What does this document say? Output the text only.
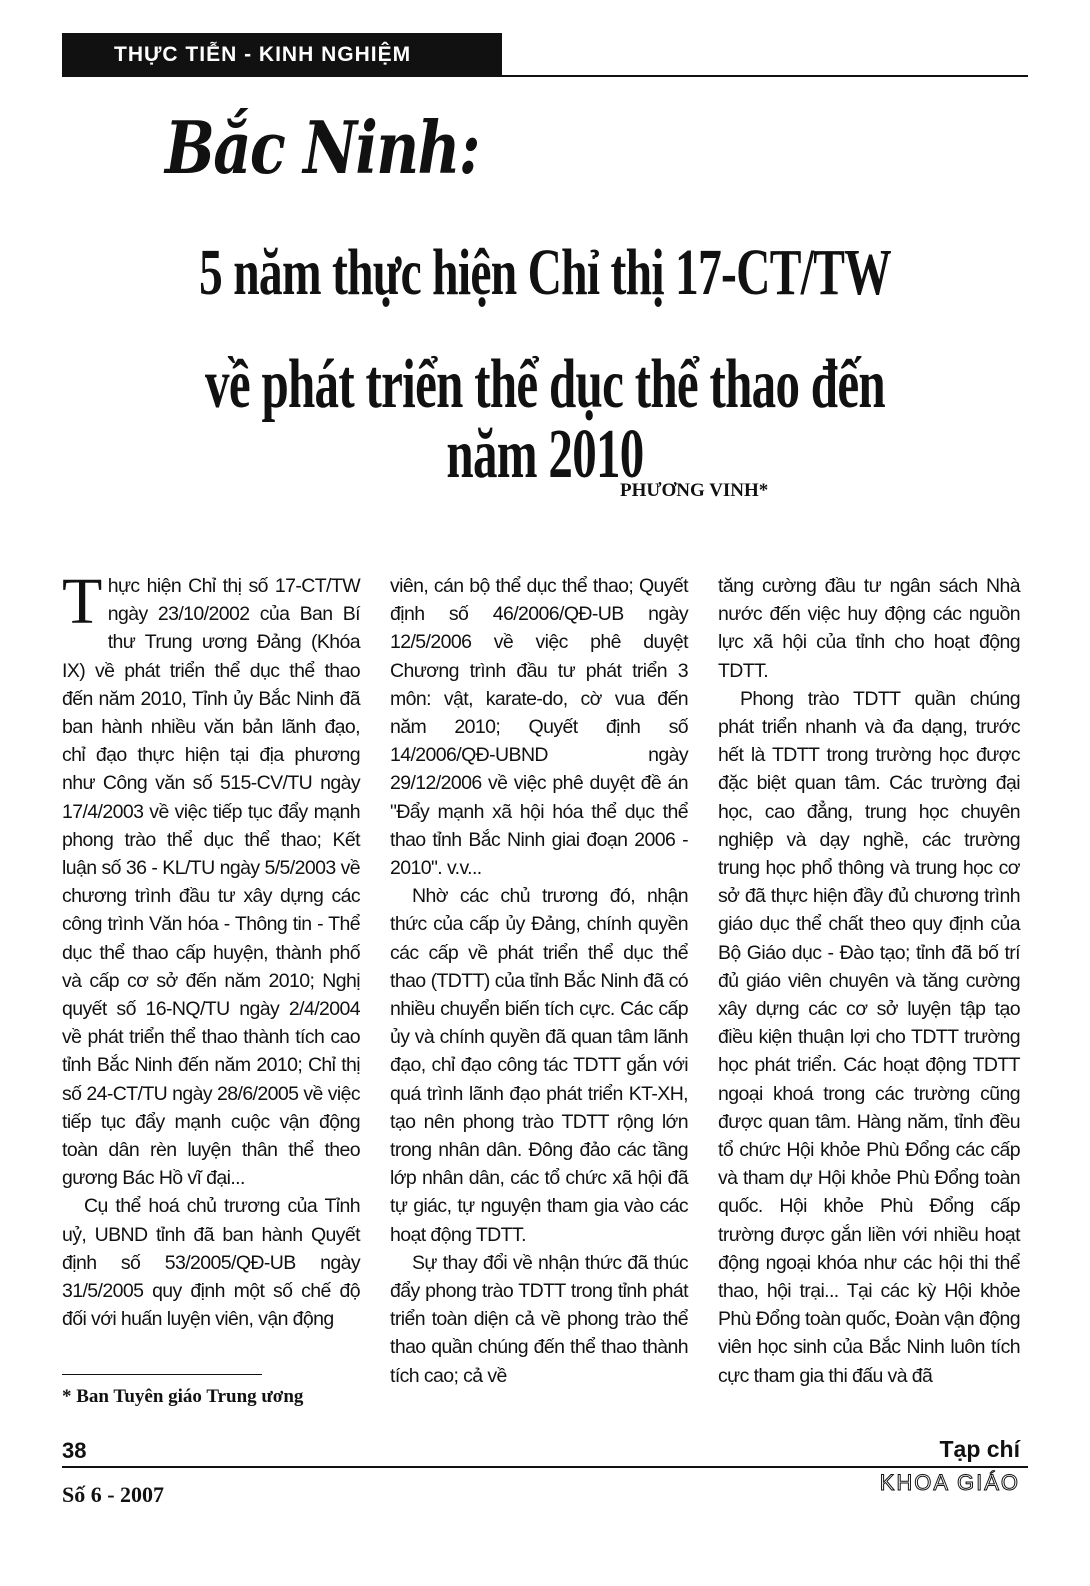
THỰC TIỄN - KINH NGHIỆM
Bắc Ninh:
5 năm thực hiện Chỉ thị 17-CT/TW
về phát triển thể dục thể thao đến năm 2010
PHƯƠNG VINH*

Thực hiện Chỉ thị số 17-CT/TW ngày 23/10/2002 của Ban Bí thư Trung ương Đảng (Khóa IX) về phát triển thể dục thể thao đến năm 2010, Tỉnh ủy Bắc Ninh đã ban hành nhiều văn bản lãnh đạo, chỉ đạo thực hiện tại địa phương như Công văn số 515-CV/TU ngày 17/4/2003 về việc tiếp tục đẩy mạnh phong trào thể dục thể thao; Kết luận số 36 - KL/TU ngày 5/5/2003 về chương trình đầu tư xây dựng các công trình Văn hóa - Thông tin - Thể dục thể thao cấp huyện, thành phố và cấp cơ sở đến năm 2010; Nghị quyết số 16-NQ/TU ngày 2/4/2004 về phát triển thể thao thành tích cao tỉnh Bắc Ninh đến năm 2010; Chỉ thị số 24-CT/TU ngày 28/6/2005 về việc tiếp tục đẩy mạnh cuộc vận động toàn dân rèn luyện thân thể theo gương Bác Hồ vĩ đại...

Cụ thể hoá chủ trương của Tỉnh uỷ, UBND tỉnh đã ban hành Quyết định số 53/2005/QĐ-UB ngày 31/5/2005 quy định một số chế độ đối với huấn luyện viên, vận động

viên, cán bộ thể dục thể thao; Quyết định số 46/2006/QĐ-UB ngày 12/5/2006 về việc phê duyệt Chương trình đầu tư phát triển 3 môn: vật, karate-do, cờ vua đến năm 2010; Quyết định số 14/2006/QĐ-UBND ngày 29/12/2006 về việc phê duyệt đề án "Đẩy mạnh xã hội hóa thể dục thể thao tỉnh Bắc Ninh giai đoạn 2006 - 2010". v.v...

Nhờ các chủ trương đó, nhận thức của cấp ủy Đảng, chính quyền các cấp về phát triển thể dục thể thao (TDTT) của tỉnh Bắc Ninh đã có nhiều chuyển biến tích cực. Các cấp ủy và chính quyền đã quan tâm lãnh đạo, chỉ đạo công tác TDTT gắn với quá trình lãnh đạo phát triển KT-XH, tạo nên phong trào TDTT rộng lớn trong nhân dân. Đông đảo các tầng lớp nhân dân, các tổ chức xã hội đã tự giác, tự nguyện tham gia vào các hoạt động TDTT.

Sự thay đổi về nhận thức đã thúc đẩy phong trào TDTT trong tỉnh phát triển toàn diện cả về phong trào thể thao quần chúng đến thể thao thành tích cao; cả về

tăng cường đầu tư ngân sách Nhà nước đến việc huy động các nguồn lực xã hội của tỉnh cho hoạt động TDTT.

Phong trào TDTT quần chúng phát triển nhanh và đa dạng, trước hết là TDTT trong trường học được đặc biệt quan tâm. Các trường đại học, cao đẳng, trung học chuyên nghiệp và dạy nghề, các trường trung học phổ thông và trung học cơ sở đã thực hiện đầy đủ chương trình giáo dục thể chất theo quy định của Bộ Giáo dục - Đào tạo; tỉnh đã bố trí đủ giáo viên chuyên và tăng cường xây dựng các cơ sở luyện tập tạo điều kiện thuận lợi cho TDTT trường học phát triển. Các hoạt động TDTT ngoại khoá trong các trường cũng được quan tâm. Hàng năm, tỉnh đều tổ chức Hội khỏe Phù Đổng các cấp và tham dự Hội khỏe Phù Đổng toàn quốc. Hội khỏe Phù Đổng cấp trường được gắn liền với nhiều hoạt động ngoại khóa như các hội thi thể thao, hội trại... Tại các kỳ Hội khỏe Phù Đổng toàn quốc, Đoàn vận động viên học sinh của Bắc Ninh luôn tích cực tham gia thi đấu và đã

* Ban Tuyên giáo Trung ương
38
Số 6 - 2007
Tạp chí
KHOA GIÁO
